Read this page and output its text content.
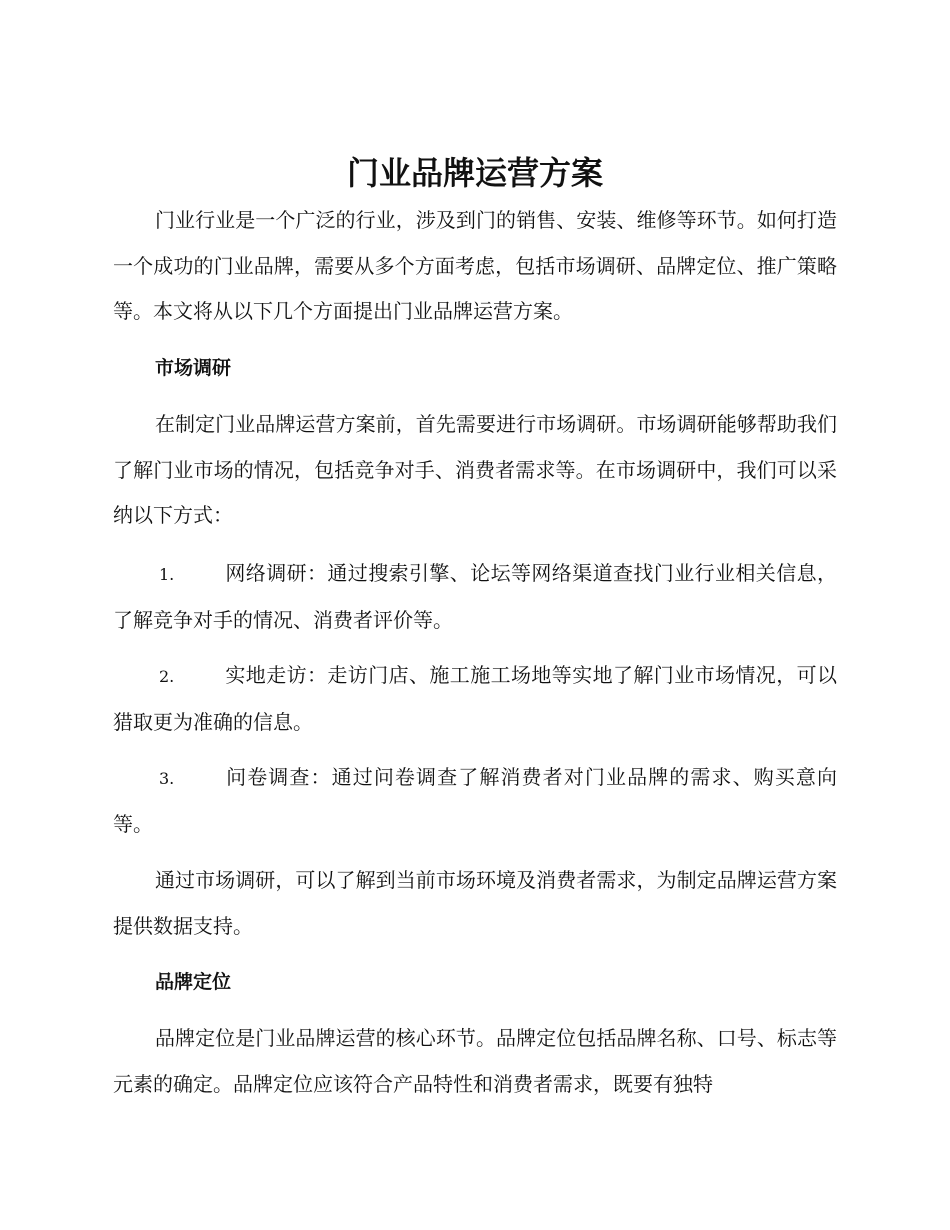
门业品牌运营方案

门业行业是一个广泛的行业，涉及到门的销售、安装、维修等环节。如何打造一个成功的门业品牌，需要从多个方面考虑，包括市场调研、品牌定位、推广策略等。本文将从以下几个方面提出门业品牌运营方案。

市场调研

在制定门业品牌运营方案前，首先需要进行市场调研。市场调研能够帮助我们了解门业市场的情况，包括竞争对手、消费者需求等。在市场调研中，我们可以采纳以下方式：

1.	网络调研：通过搜索引擎、论坛等网络渠道查找门业行业相关信息，了解竞争对手的情况、消费者评价等。

2.	实地走访：走访门店、施工施工场地等实地了解门业市场情况，可以猎取更为准确的信息。

3.	问卷调查：通过问卷调查了解消费者对门业品牌的需求、购买意向等。

通过市场调研，可以了解到当前市场环境及消费者需求，为制定品牌运营方案提供数据支持。

品牌定位

品牌定位是门业品牌运营的核心环节。品牌定位包括品牌名称、口号、标志等元素的确定。品牌定位应该符合产品特性和消费者需求，既要有独特
